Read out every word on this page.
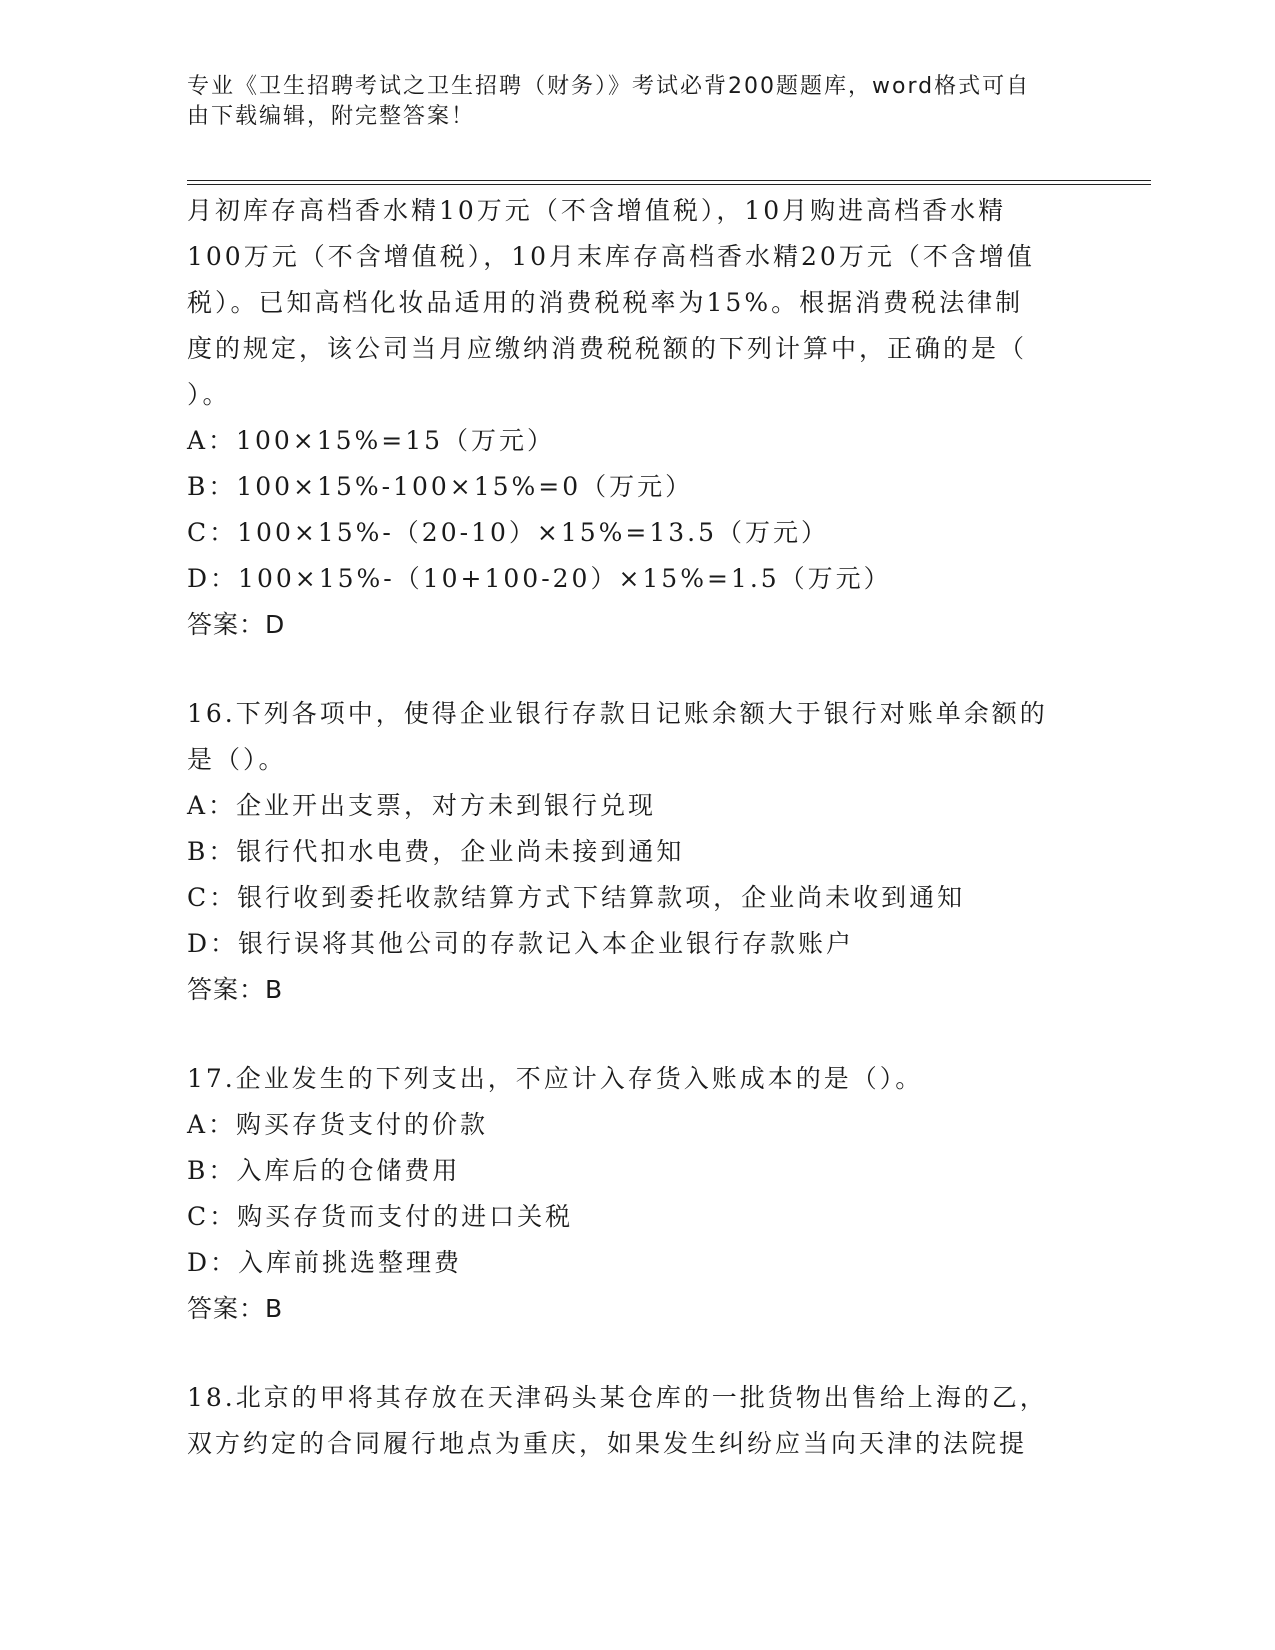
专业《卫生招聘考试之卫生招聘（财务）》考试必背200题题库，word格式可自
由下载编辑，附完整答案！
月初库存高档香水精10万元（不含增值税），10月购进高档香水精
100万元（不含增值税），10月末库存高档香水精20万元（不含增值
税）。已知高档化妆品适用的消费税税率为15%。根据消费税法律制
度的规定，该公司当月应缴纳消费税税额的下列计算中，正确的是（
）。
A：100×15%=15（万元）
B：100×15%-100×15%=0（万元）
C：100×15%-（20-10）×15%=13.5（万元）
D：100×15%-（10+100-20）×15%=1.5（万元）
答案：D
16.下列各项中，使得企业银行存款日记账余额大于银行对账单余额的
是（）。
A：企业开出支票，对方未到银行兑现
B：银行代扣水电费，企业尚未接到通知
C：银行收到委托收款结算方式下结算款项，企业尚未收到通知
D：银行误将其他公司的存款记入本企业银行存款账户
答案：B
17.企业发生的下列支出，不应计入存货入账成本的是（）。
A：购买存货支付的价款
B：入库后的仓储费用
C：购买存货而支付的进口关税
D：入库前挑选整理费
答案：B
18.北京的甲将其存放在天津码头某仓库的一批货物出售给上海的乙，
双方约定的合同履行地点为重庆，如果发生纠纷应当向天津的法院提
